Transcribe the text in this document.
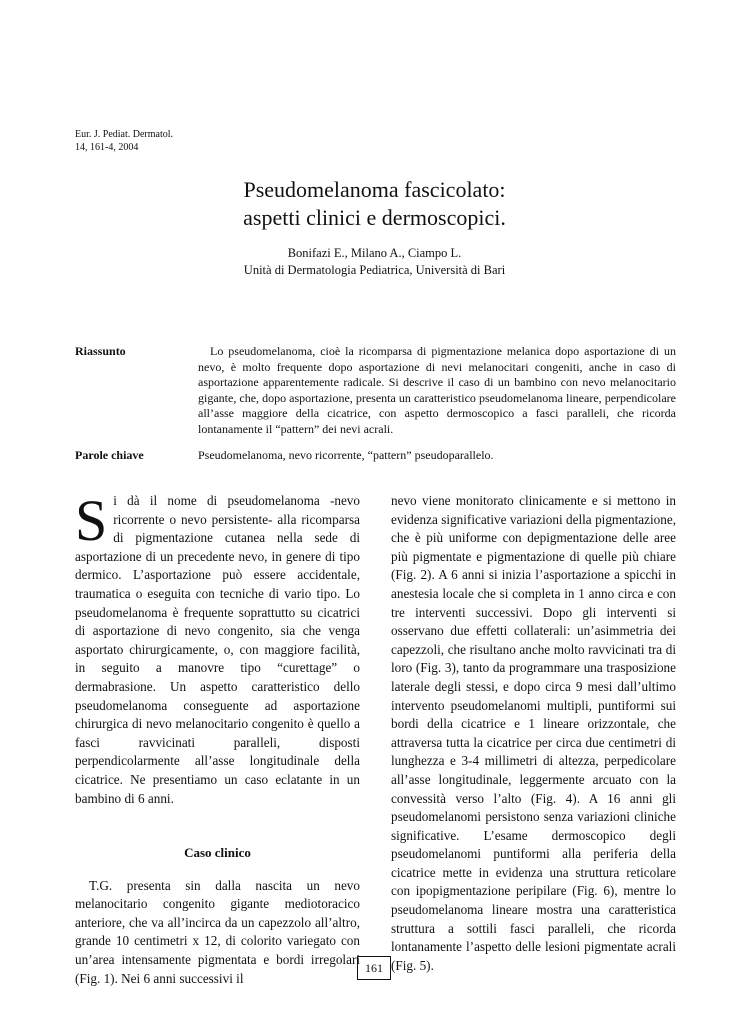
Eur. J. Pediat. Dermatol.
14, 161-4, 2004
Pseudomelanoma fascicolato:
aspetti clinici e dermoscopici.
Bonifazi E., Milano A., Ciampo L.
Unità di Dermatologia Pediatrica, Università di Bari
Riassunto	Lo pseudomelanoma, cioè la ricomparsa di pigmentazione melanica dopo asportazione di un nevo, è molto frequente dopo asportazione di nevi melanocitari congeniti, anche in caso di asportazione apparentemente radicale. Si descrive il caso di un bambino con nevo melanocitario gigante, che, dopo asportazione, presenta un caratteristico pseudomelanoma lineare, perpendicolare all’asse maggiore della cicatrice, con aspetto dermoscopico a fasci paralleli, che ricorda lontanamente il “pattern” dei nevi acrali.
Parole chiave	Pseudomelanoma, nevo ricorrente, “pattern” pseudoparallelo.

S i dà il nome di pseudomelanoma -nevo ricorrente o nevo persistente- alla ricomparsa di pigmentazione cutanea nella sede di asportazione di un precedente nevo, in genere di tipo dermico. L’asportazione può essere accidentale, traumatica o eseguita con tecniche di vario tipo. Lo pseudomelanoma è frequente soprattutto su cicatrici di asportazione di nevo congenito, sia che venga asportato chirurgicamente, o, con maggiore facilità, in seguito a manovre tipo “curettage” o dermabrasione. Un aspetto caratteristico dello pseudomelanoma conseguente ad asportazione chirurgica di nevo melanocitario congenito è quello a fasci ravvicinati paralleli, disposti perpendicolarmente all’asse longitudinale della cicatrice. Ne presentiamo un caso eclatante in un bambino di 6 anni.

Caso clinico

T.G. presenta sin dalla nascita un nevo melanocitario congenito gigante mediotoracico anteriore, che va all’incirca da un capezzolo all’altro, grande 10 centimetri x 12, di colorito variegato con un’area intensamente pigmentata e bordi irregolari (Fig. 1). Nei 6 anni successivi il

nevo viene monitorato clinicamente e si mettono in evidenza significative variazioni della pigmentazione, che è più uniforme con depigmentazione delle aree più pigmentate e pigmentazione di quelle più chiare (Fig. 2). A 6 anni si inizia l’asportazione a spicchi in anestesia locale che si completa in 1 anno circa e con tre interventi successivi. Dopo gli interventi si osservano due effetti collaterali: un’asimmetria dei capezzoli, che risultano anche molto ravvicinati tra di loro (Fig. 3), tanto da programmare una trasposizione laterale degli stessi, e dopo circa 9 mesi dall’ultimo intervento pseudomelanomi multipli, puntiformi sui bordi della cicatrice e 1 lineare orizzontale, che attraversa tutta la cicatrice per circa due centimetri di lunghezza e 3-4 millimetri di altezza, perpedicolare all’asse longitudinale, leggermente arcuato con la convessità verso l’alto (Fig. 4). A 16 anni gli pseudomelanomi persistono senza variazioni cliniche significative. L’esame dermoscopico degli pseudomelanomi puntiformi alla periferia della cicatrice mette in evidenza una struttura reticolare con ipopigmentazione peripilare (Fig. 6), mentre lo pseudomelanoma lineare mostra una caratteristica struttura a sottili fasci paralleli, che ricorda lontanamente l’aspetto delle lesioni pigmentate acrali (Fig. 5).

161
